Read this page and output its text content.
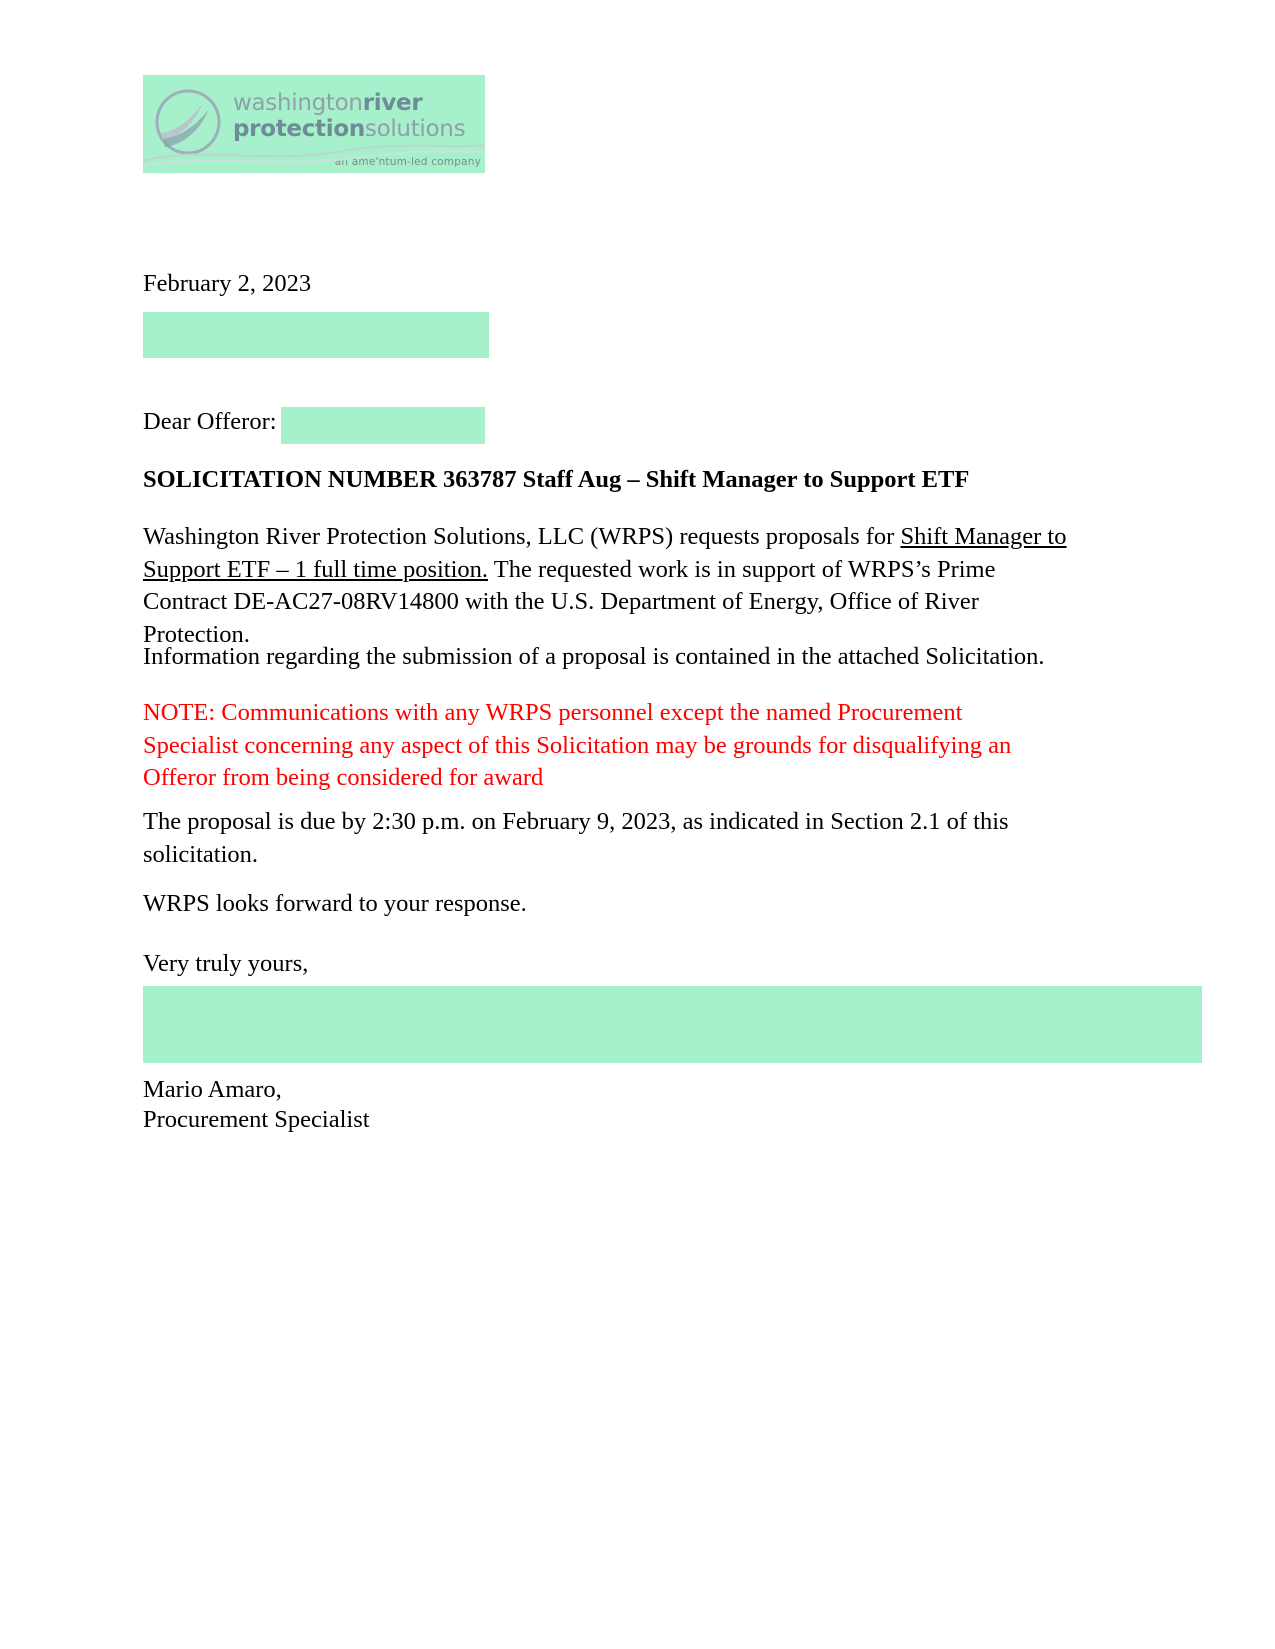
washingtonriver
protectionsolutions
an ame'ntum-led company
February 2, 2023
Dear Offeror:
SOLICITATION NUMBER 363787 Staff Aug – Shift Manager to Support ETF
Washington River Protection Solutions, LLC (WRPS) requests proposals for Shift Manager to Support ETF – 1 full time position. The requested work is in support of WRPS’s Prime Contract DE-AC27-08RV14800 with the U.S. Department of Energy, Office of River Protection.
Information regarding the submission of a proposal is contained in the attached Solicitation.
NOTE: Communications with any WRPS personnel except the named Procurement Specialist concerning any aspect of this Solicitation may be grounds for disqualifying an Offeror from being considered for award
The proposal is due by 2:30 p.m. on February 9, 2023, as indicated in Section 2.1 of this solicitation.
WRPS looks forward to your response.
Very truly yours,
Mario Amaro,
Procurement Specialist
